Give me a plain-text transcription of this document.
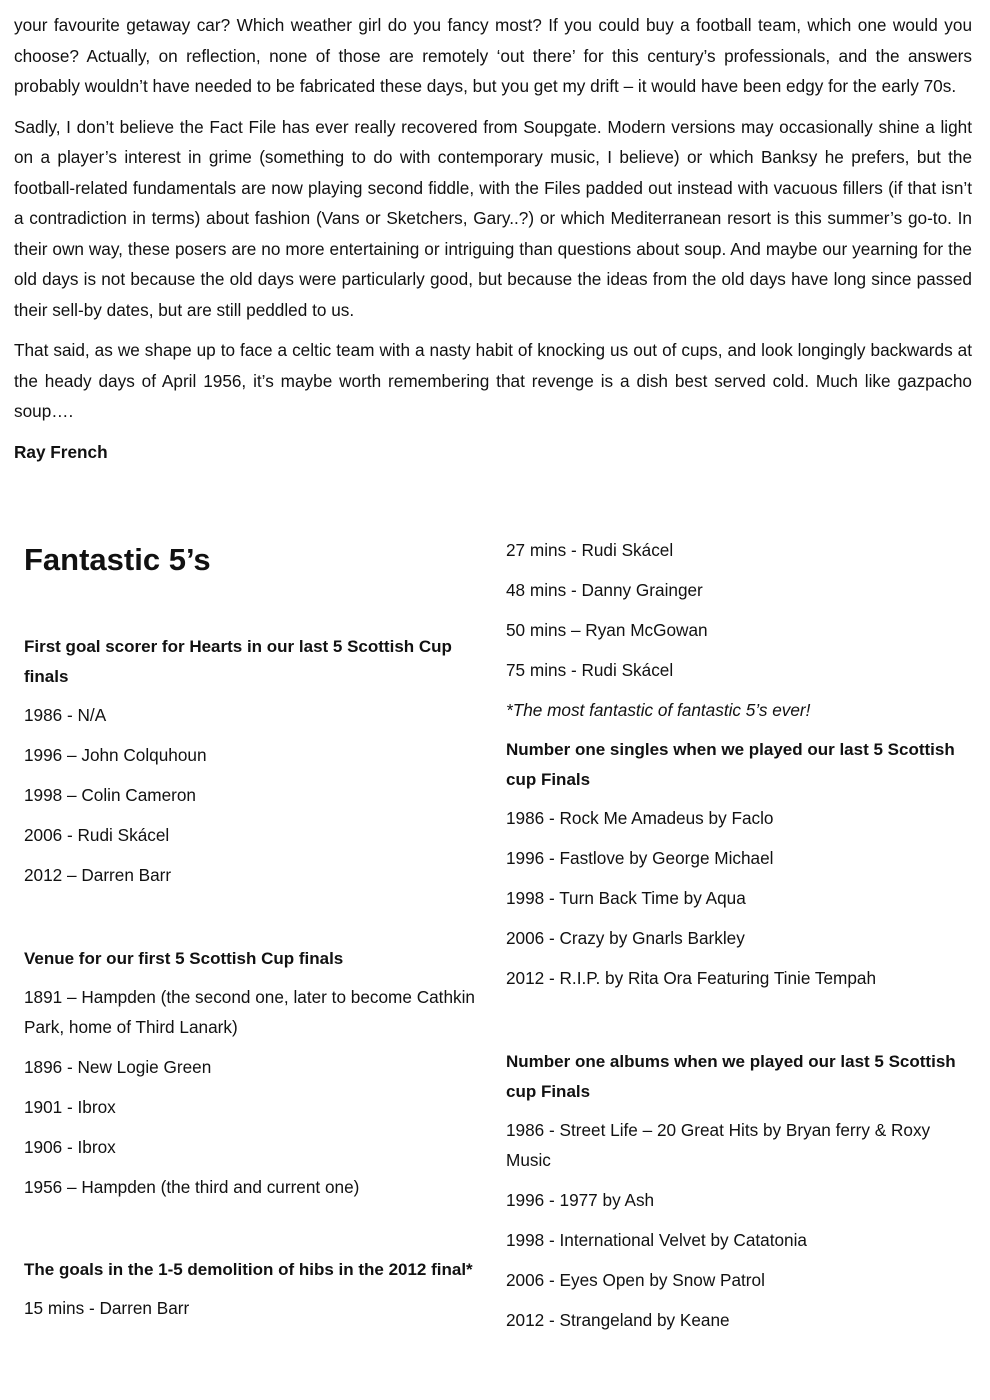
your favourite getaway car? Which weather girl do you fancy most? If you could buy a football team, which one would you choose? Actually, on reflection, none of those are remotely ‘out there’ for this century’s professionals, and the answers probably wouldn’t have needed to be fabricated these days, but you get my drift – it would have been edgy for the early 70s.

Sadly, I don’t believe the Fact File has ever really recovered from Soupgate. Modern versions may occasionally shine a light on a player’s interest in grime (something to do with contemporary music, I believe) or which Banksy he prefers, but the football-related fundamentals are now playing second fiddle, with the Files padded out instead with vacuous fillers (if that isn’t a contradiction in terms) about fashion (Vans or Sketchers, Gary..?) or which Mediterranean resort is this summer’s go-to. In their own way, these posers are no more entertaining or intriguing than questions about soup. And maybe our yearning for the old days is not because the old days were particularly good, but because the ideas from the old days have long since passed their sell-by dates, but are still peddled to us.

That said, as we shape up to face a celtic team with a nasty habit of knocking us out of cups, and look longingly backwards at the heady days of April 1956, it’s maybe worth remembering that revenge is a dish best served cold. Much like gazpacho soup….

Ray French
Fantastic 5’s
First goal scorer for Hearts in our last 5 Scottish Cup finals
1986 - N/A
1996 – John Colquhoun
1998 – Colin Cameron
2006 - Rudi Skácel
2012 – Darren Barr
Venue for our first 5 Scottish Cup finals
1891 – Hampden (the second one, later to become Cathkin Park, home of Third Lanark)
1896 - New Logie Green
1901 - Ibrox
1906 - Ibrox
1956 – Hampden (the third and current one)
The goals in the 1-5 demolition of hibs in the 2012 final*
15 mins - Darren Barr
27 mins - Rudi Skácel
48 mins - Danny Grainger
50 mins – Ryan McGowan
75 mins - Rudi Skácel
*The most fantastic of fantastic 5’s ever!
Number one singles when we played our last 5 Scottish cup Finals
1986 - Rock Me Amadeus by Faclo
1996 - Fastlove by George Michael
1998 - Turn Back Time by Aqua
2006 - Crazy by Gnarls Barkley
2012 - R.I.P. by Rita Ora Featuring Tinie Tempah
Number one albums when we played our last 5 Scottish cup Finals
1986 - Street Life – 20 Great Hits by Bryan ferry & Roxy Music
1996 - 1977 by Ash
1998 - International Velvet by Catatonia
2006 - Eyes Open by Snow Patrol
2012 - Strangeland by Keane
